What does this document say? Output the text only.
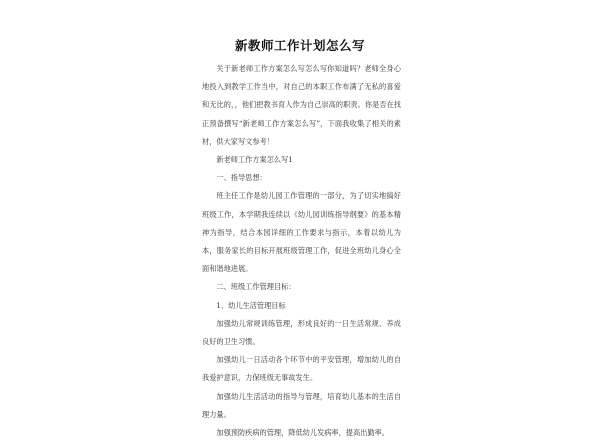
新教师工作计划怎么写

关于新老师工作方案怎么写怎么写你知道吗？老师全身心地投入到教学工作当中，对自己的本职工作布满了无私的喜爱和无比的，，他们把教书育人作为自己崇高的职责。你是否在找正预备撰写“新老师工作方案怎么写”，下面我收集了相关的素材，供大家写文参考！

新老师工作方案怎么写1

一、指导思想：

班主任工作是幼儿园工作管理的一部分，为了切实地搞好班级工作，本学期我连续以《幼儿园训练指导纲要》的基本精神为指导，结合本园详细的工作要求与指示，本着以幼儿为本，服务家长的目标开展班级管理工作，促进全班幼儿身心全面和谐地进展。

二、班级工作管理目标：

1、幼儿生活管理目标

加强幼儿常规训练管理，形成良好的一日生活常规、养成良好的卫生习惯。

加强幼儿一日活动各个环节中的平安管理，增加幼儿的自我爱护意识，力保班级无事故发生。

加强幼儿生活活动的指导与管理，培育幼儿基本的生活自理力量。

加强预防疾病的管理，降低幼儿发病率，提高出勤率。
